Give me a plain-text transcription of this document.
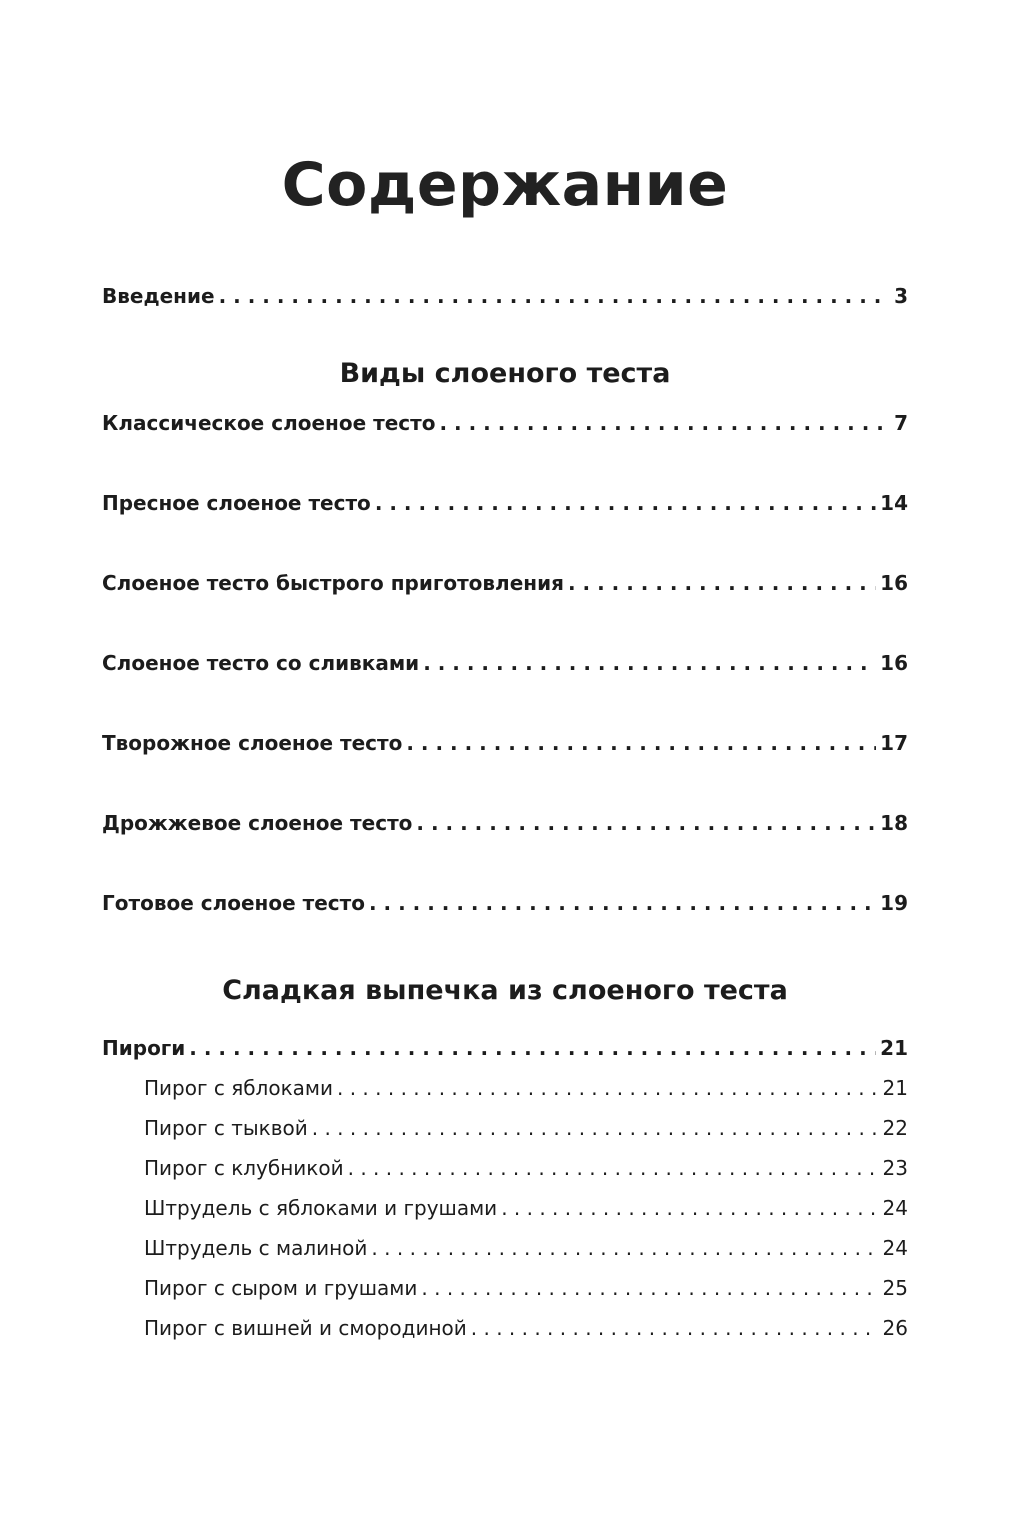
Содержание
Введение . . .	3
Виды слоеного теста
Классическое слоеное тесто . . .	7
Пресное слоеное тесто . . .	14
Слоеное тесто быстрого приготовления . . .	16
Слоеное тесто со сливками . . .	16
Творожное слоеное тесто . . .	17
Дрожжевое слоеное тесто . . .	18
Готовое слоеное тесто . . .	19
Сладкая выпечка из слоеного теста
Пироги . . .	21
Пирог с яблоками . . .	21
Пирог с тыквой . . .	22
Пирог с клубникой . . .	23
Штрудель с яблоками и грушами . . .	24
Штрудель с малиной . . .	24
Пирог с сыром и грушами . . .	25
Пирог с вишней и смородиной . . .	26
